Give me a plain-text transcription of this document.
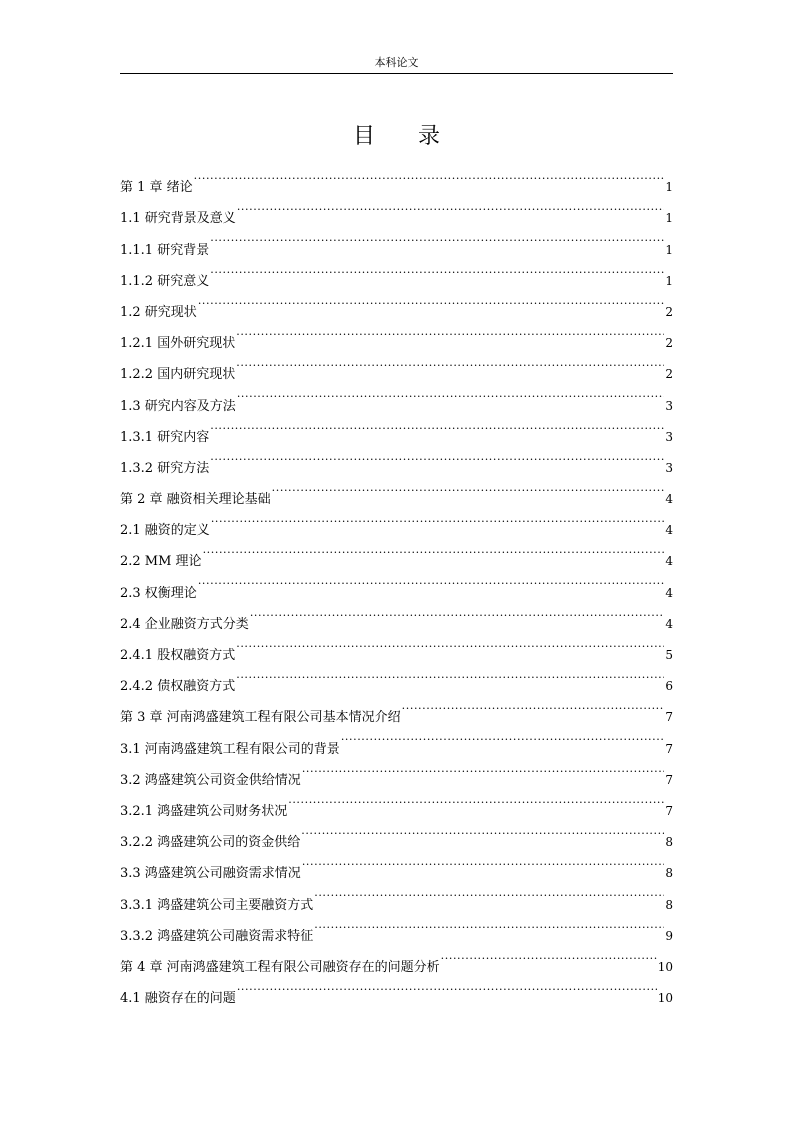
本科论文
目 录
第 1 章 绪论 .....	1
1.1 研究背景及意义 .....	1
1.1.1 研究背景 .....	1
1.1.2 研究意义 .....	1
1.2 研究现状 .....	2
1.2.1 国外研究现状 .....	2
1.2.2 国内研究现状 .....	2
1.3 研究内容及方法 .....	3
1.3.1 研究内容 .....	3
1.3.2 研究方法 .....	3
第 2 章 融资相关理论基础 .....	4
2.1 融资的定义 .....	4
2.2 MM 理论 .....	4
2.3 权衡理论 .....	4
2.4 企业融资方式分类 .....	4
2.4.1 股权融资方式 .....	5
2.4.2 债权融资方式 .....	6
第 3 章 河南鸿盛建筑工程有限公司基本情况介绍 .....	7
3.1 河南鸿盛建筑工程有限公司的背景 .....	7
3.2 鸿盛建筑公司资金供给情况 .....	7
3.2.1 鸿盛建筑公司财务状况 .....	7
3.2.2 鸿盛建筑公司的资金供给 .....	8
3.3 鸿盛建筑公司融资需求情况 .....	8
3.3.1 鸿盛建筑公司主要融资方式 .....	8
3.3.2 鸿盛建筑公司融资需求特征 .....	9
第 4 章 河南鸿盛建筑工程有限公司融资存在的问题分析 .....	10
4.1 融资存在的问题 .....	10
